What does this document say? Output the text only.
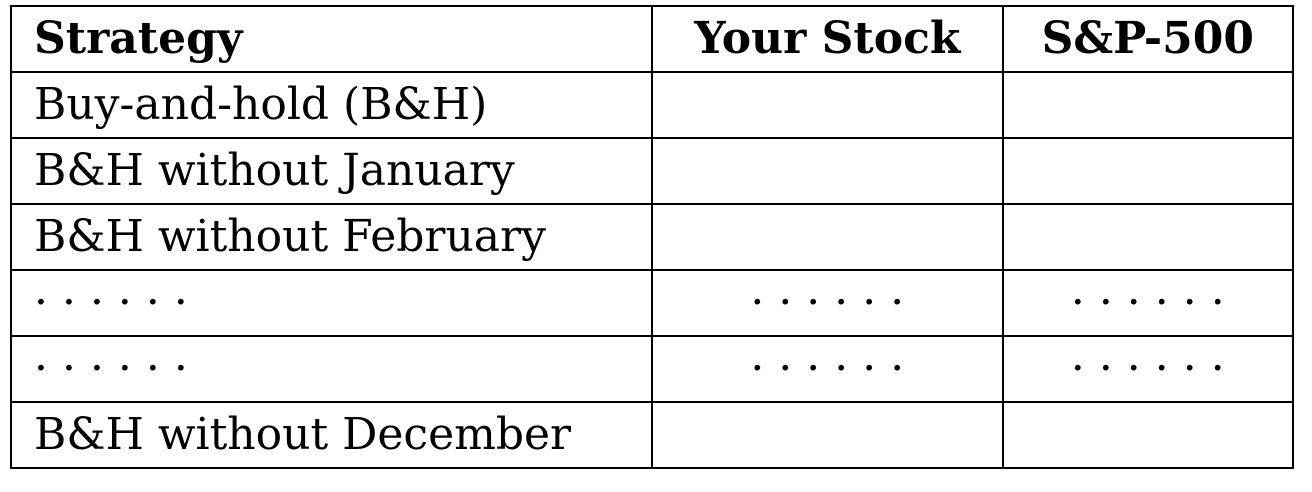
Strategy	Your Stock	S&P-500
Buy-and-hold (B&H)		
B&H without January		
B&H without February		
· · · · · ·	· · · · · ·	· · · · · ·
· · · · · ·	· · · · · ·	· · · · · ·
B&H without December		
